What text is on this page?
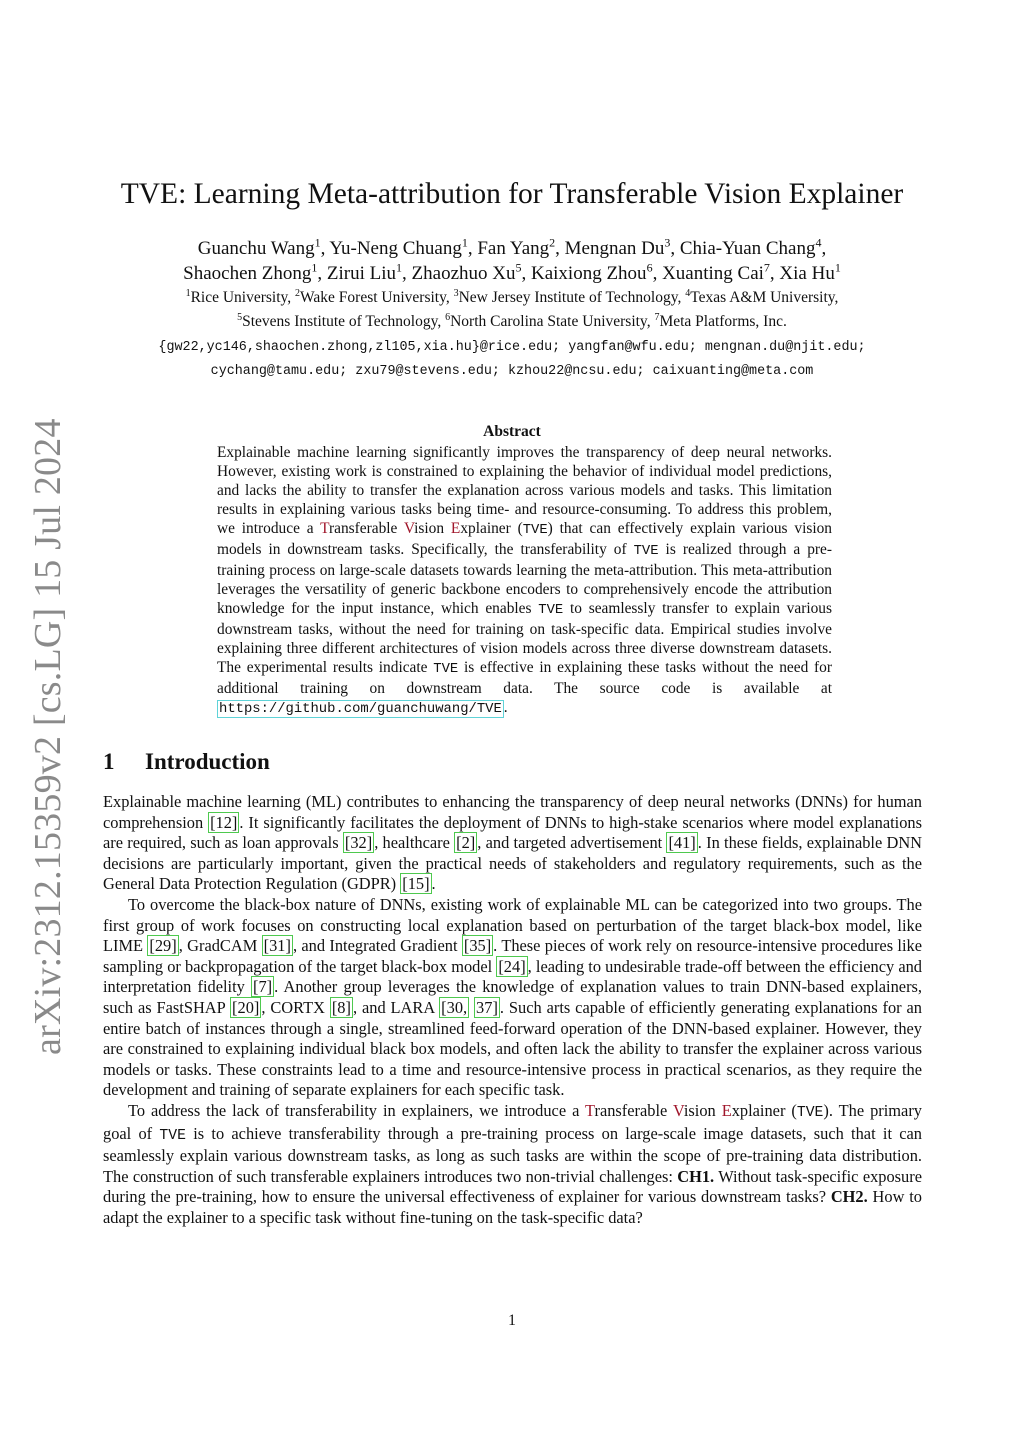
arXiv:2312.15359v2 [cs.LG] 15 Jul 2024
TVE: Learning Meta-attribution for Transferable Vision Explainer
Guanchu Wang$^1$, Yu-Neng Chuang$^1$, Fan Yang$^2$, Mengnan Du$^3$, Chia-Yuan Chang$^4$,
Shaochen Zhong$^1$, Zirui Liu$^1$, Zhaozhuo Xu$^5$, Kaixiong Zhou$^6$, Xuanting Cai$^7$, Xia Hu$^1$
$^1$Rice University, $^2$Wake Forest University, $^3$New Jersey Institute of Technology, $^4$Texas A&M University,
$^5$Stevens Institute of Technology, $^6$North Carolina State University, $^7$Meta Platforms, Inc.
{gw22,yc146,shaochen.zhong,zl105,xia.hu}@rice.edu; yangfan@wfu.edu; mengnan.du@njit.edu;
cychang@tamu.edu; zxu79@stevens.edu; kzhou22@ncsu.edu; caixuanting@meta.com
Abstract
Explainable machine learning significantly improves the transparency of deep neural networks. However, existing work is constrained to explaining the behavior of individual model predictions, and lacks the ability to transfer the explanation across various models and tasks. This limitation results in explaining various tasks being time- and resource-consuming. To address this problem, we introduce a Transferable Vision Explainer (TVE) that can effectively explain various vision models in downstream tasks. Specifically, the transferability of TVE is realized through a pre-training process on large-scale datasets towards learning the meta-attribution. This meta-attribution leverages the versatility of generic backbone encoders to comprehensively encode the attribution knowledge for the input instance, which enables TVE to seamlessly transfer to explain various downstream tasks, without the need for training on task-specific data. Empirical studies involve explaining three different architectures of vision models across three diverse downstream datasets. The experimental results indicate TVE is effective in explaining these tasks without the need for additional training on downstream data. The source code is available at https://github.com/guanchuwang/TVE .
1 Introduction

Explainable machine learning (ML) contributes to enhancing the transparency of deep neural networks (DNNs) for human comprehension [12] . It significantly facilitates the deployment of DNNs to high-stake scenarios where model explanations are required, such as loan approvals [32] , healthcare [2] , and targeted advertisement [41] . In these fields, explainable DNN decisions are particularly important, given the practical needs of stakeholders and regulatory requirements, such as the General Data Protection Regulation (GDPR) [15] .

To overcome the black-box nature of DNNs, existing work of explainable ML can be categorized into two groups. The first group of work focuses on constructing local explanation based on perturbation of the target black-box model, like LIME [29] , GradCAM [31] , and Integrated Gradient [35] . These pieces of work rely on resource-intensive procedures like sampling or backpropagation of the target black-box model [24] , leading to undesirable trade-off between the efficiency and interpretation fidelity [7] . Another group leverages the knowledge of explanation values to train DNN-based explainers, such as FastSHAP [20] , CORTX [8] , and LARA [30, 37] . Such arts capable of efficiently generating explanations for an entire batch of instances through a single, streamlined feed-forward operation of the DNN-based explainer. However, they are constrained to explaining individual black box models, and often lack the ability to transfer the explainer across various models or tasks. These constraints lead to a time and resource-intensive process in practical scenarios, as they require the development and training of separate explainers for each specific task.

To address the lack of transferability in explainers, we introduce a Transferable Vision Explainer (TVE). The primary goal of TVE is to achieve transferability through a pre-training process on large-scale image datasets, such that it can seamlessly explain various downstream tasks, as long as such tasks are within the scope of pre-training data distribution. The construction of such transferable explainers introduces two non-trivial challenges: CH1. Without task-specific exposure during the pre-training, how to ensure the universal effectiveness of explainer for various downstream tasks? CH2. How to adapt the explainer to a specific task without fine-tuning on the task-specific data?

1
